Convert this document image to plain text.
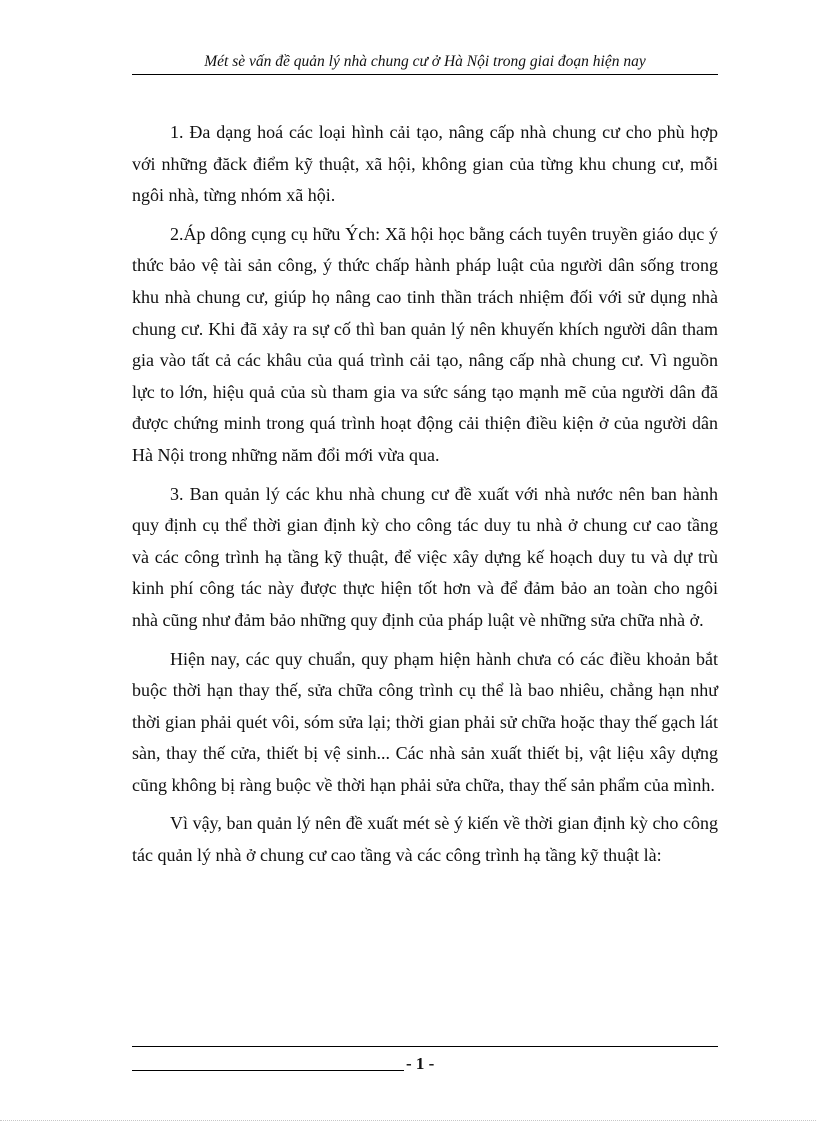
Mét sè vấn đề quản lý nhà chung cư ở Hà Nội trong giai đoạn hiện nay

1. Đa dạng hoá các loại hình cải tạo, nâng cấp nhà chung cư cho phù hợp với những đăck điểm kỹ thuật, xã hội, không gian của từng khu chung cư, mỗi ngôi nhà, từng nhóm xã hội.

2.Áp dông cụng cụ hữu Ých: Xã hội học bằng cách tuyên truyền giáo dục ý thức bảo vệ tài sản công, ý thức chấp hành pháp luật của người dân sống trong khu nhà chung cư, giúp họ nâng cao tinh thần trách nhiệm đối với sử dụng nhà chung cư. Khi đã xảy ra sự cố thì ban quản lý nên khuyến khích người dân tham gia vào tất cả các khâu của quá trình cải tạo, nâng cấp nhà chung cư. Vì nguồn lực to lớn, hiệu quả của sù tham gia va sức sáng tạo mạnh mẽ của người dân đã được chứng minh trong quá trình hoạt động cải thiện điều kiện ở của người dân Hà Nội trong những năm đổi mới vừa qua.

3. Ban quản lý các khu nhà chung cư đề xuất với nhà nước nên ban hành quy định cụ thể thời gian định kỳ cho công tác duy tu nhà ở chung cư cao tầng và các công trình hạ tầng kỹ thuật, để việc xây dựng kế hoạch duy tu và dự trù kinh phí công tác này được thực hiện tốt hơn và để đảm bảo an toàn cho ngôi nhà cũng như đảm bảo những quy định của pháp luật vè những sửa chữa nhà ở.

Hiện nay, các quy chuẩn, quy phạm hiện hành chưa có các điều khoản bắt buộc thời hạn thay thế, sửa chữa công trình cụ thể là bao nhiêu, chẳng hạn như thời gian phải quét vôi, sóm sửa lại; thời gian phải sử chữa hoặc thay thế gạch lát sàn, thay thế cửa, thiết bị vệ sinh... Các nhà sản xuất thiết bị, vật liệu xây dựng cũng không bị ràng buộc về thời hạn phải sửa chữa, thay thế sản phẩm của mình.

Vì vậy, ban quản lý nên đề xuất mét sè ý kiến về thời gian định kỳ cho công tác quản lý nhà ở chung cư cao tầng và các công trình hạ tầng kỹ thuật là:

- 1 -
